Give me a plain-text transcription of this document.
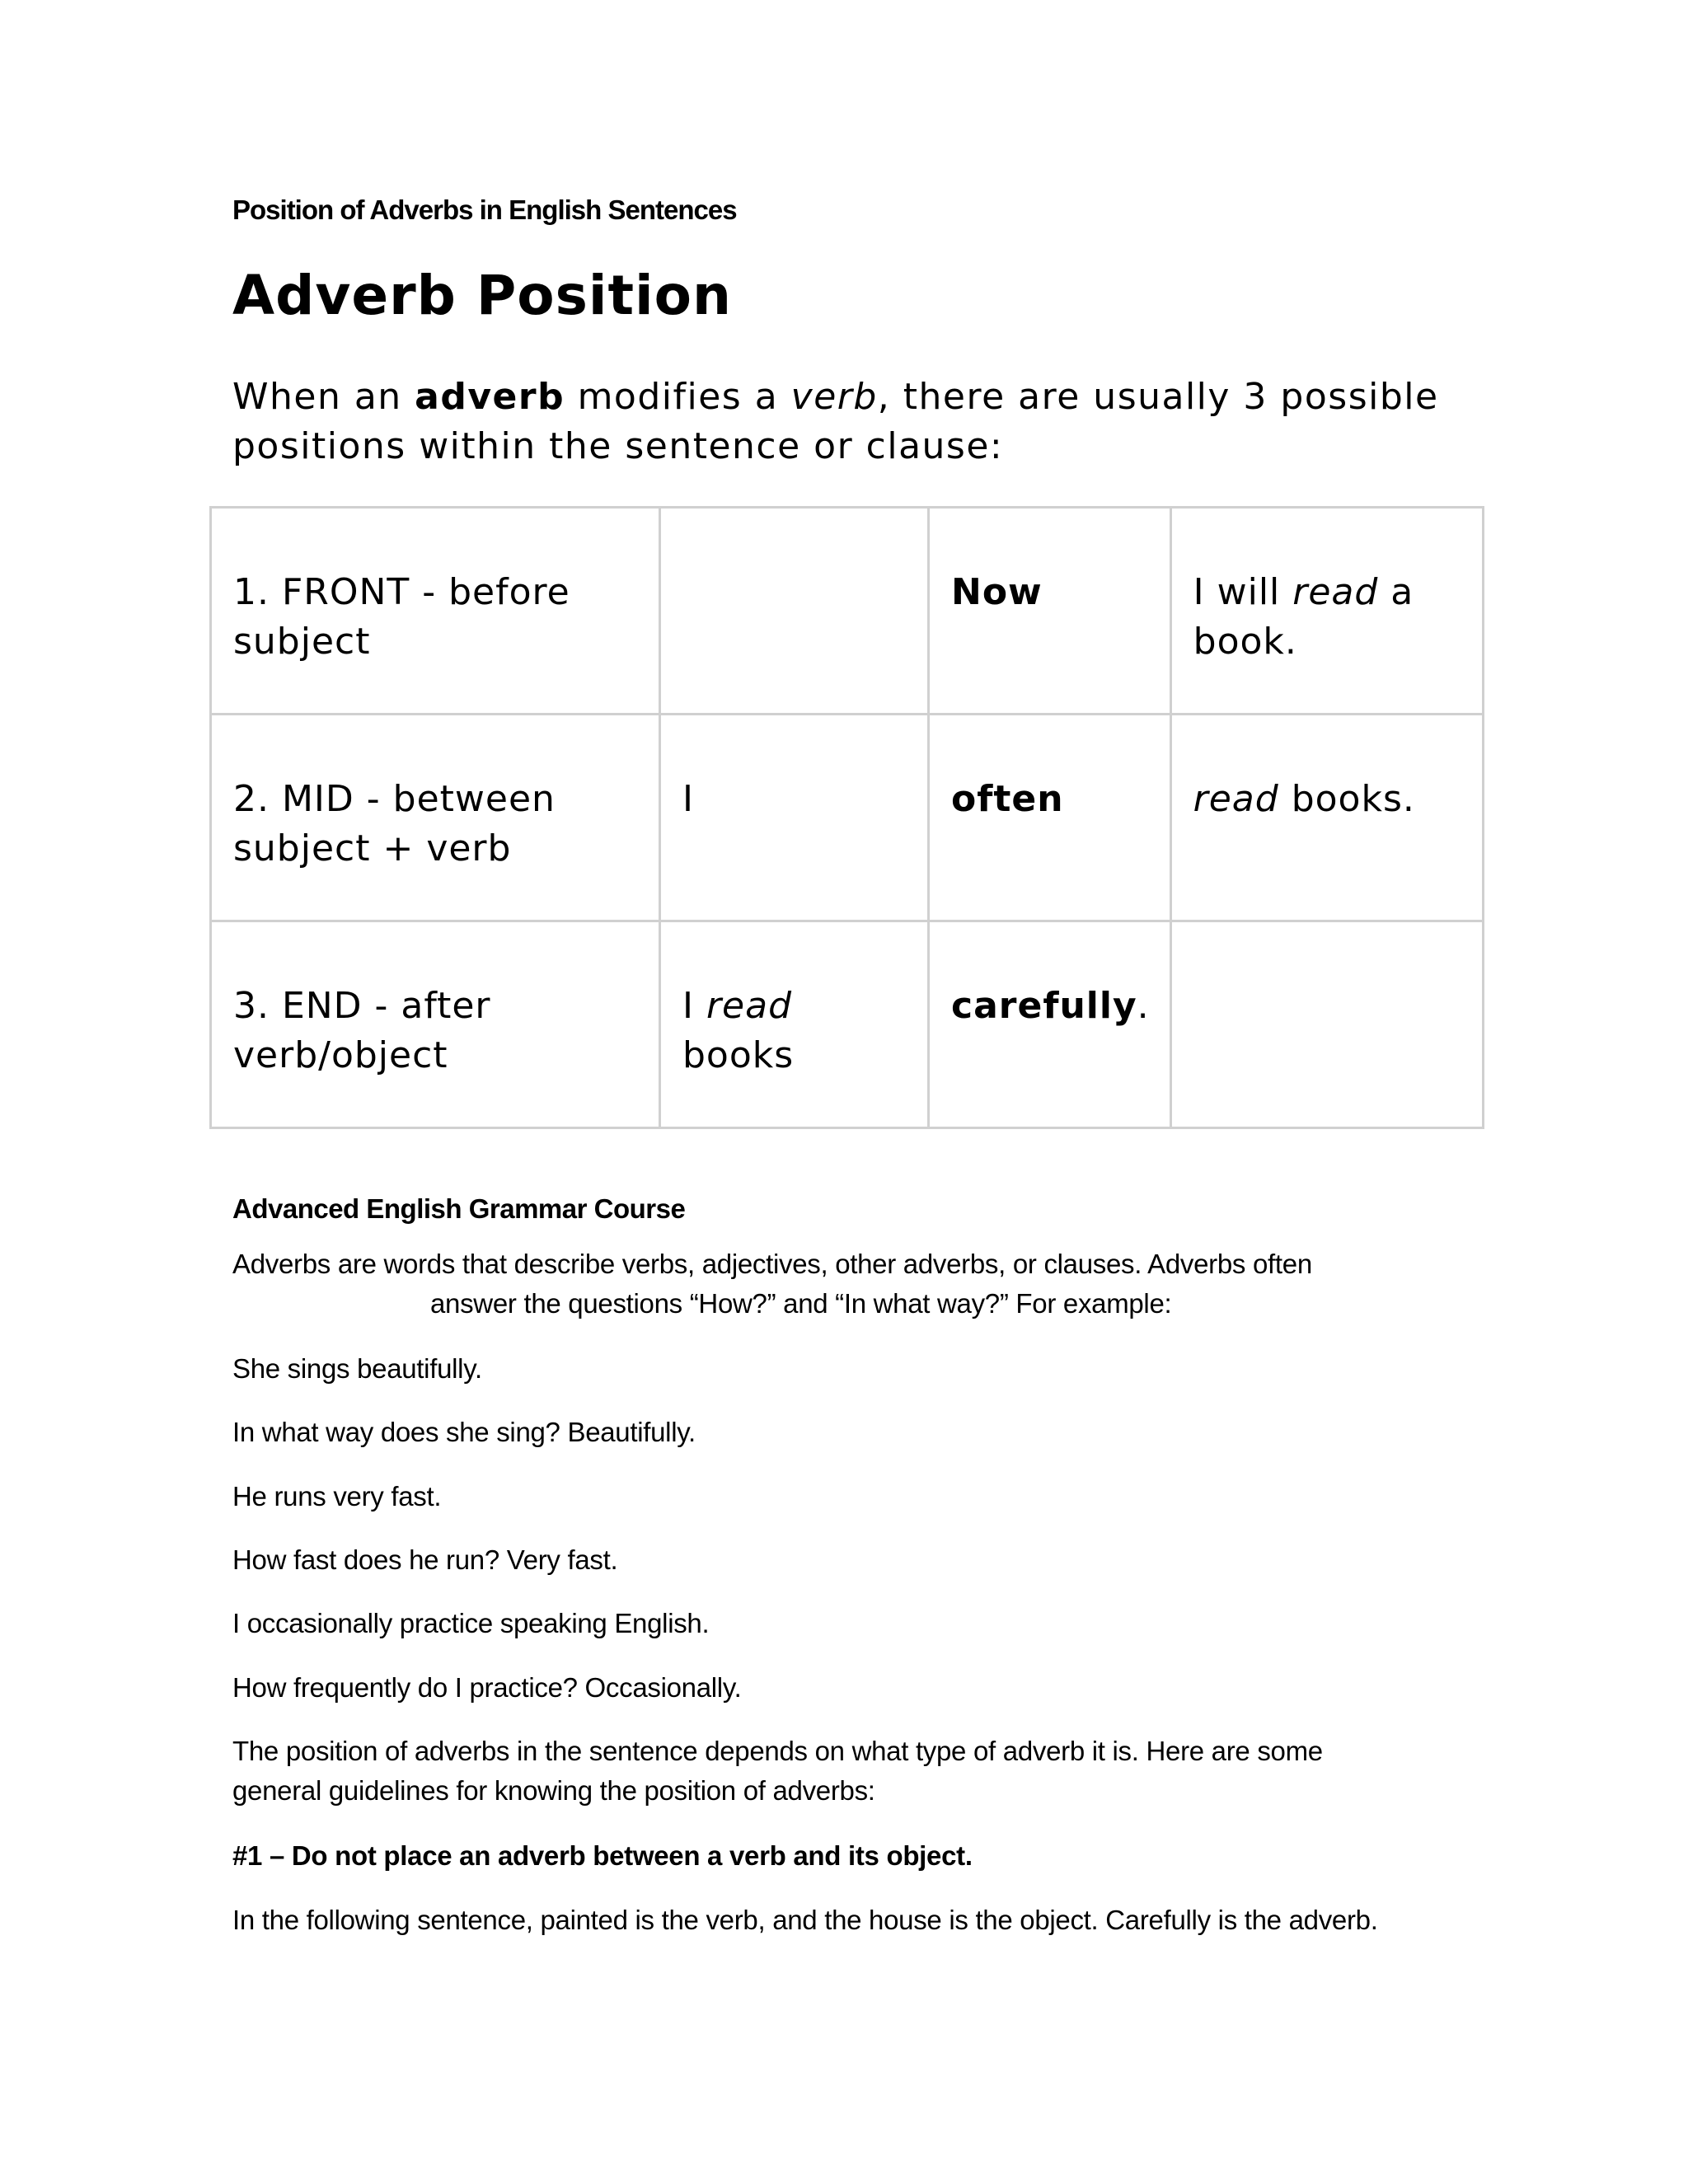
Position of Adverbs in English Sentences
Adverb Position
When an adverb modifies a verb, there are usually 3 possible positions within the sentence or clause:
1. FRONT - before subject		Now	I will read a book.
2. MID - between subject + verb	I	often	read books.
3. END - after verb/object	I read books	carefully.	
Advanced English Grammar Course
Adverbs are words that describe verbs, adjectives, other adverbs, or clauses. Adverbs often
answer the questions “How?” and “In what way?” For example:
She sings beautifully.
In what way does she sing? Beautifully.
He runs very fast.
How fast does he run? Very fast.
I occasionally practice speaking English.
How frequently do I practice? Occasionally.
The position of adverbs in the sentence depends on what type of adverb it is. Here are some
general guidelines for knowing the position of adverbs:
#1 – Do not place an adverb between a verb and its object.
In the following sentence, painted is the verb, and the house is the object. Carefully is the adverb.
